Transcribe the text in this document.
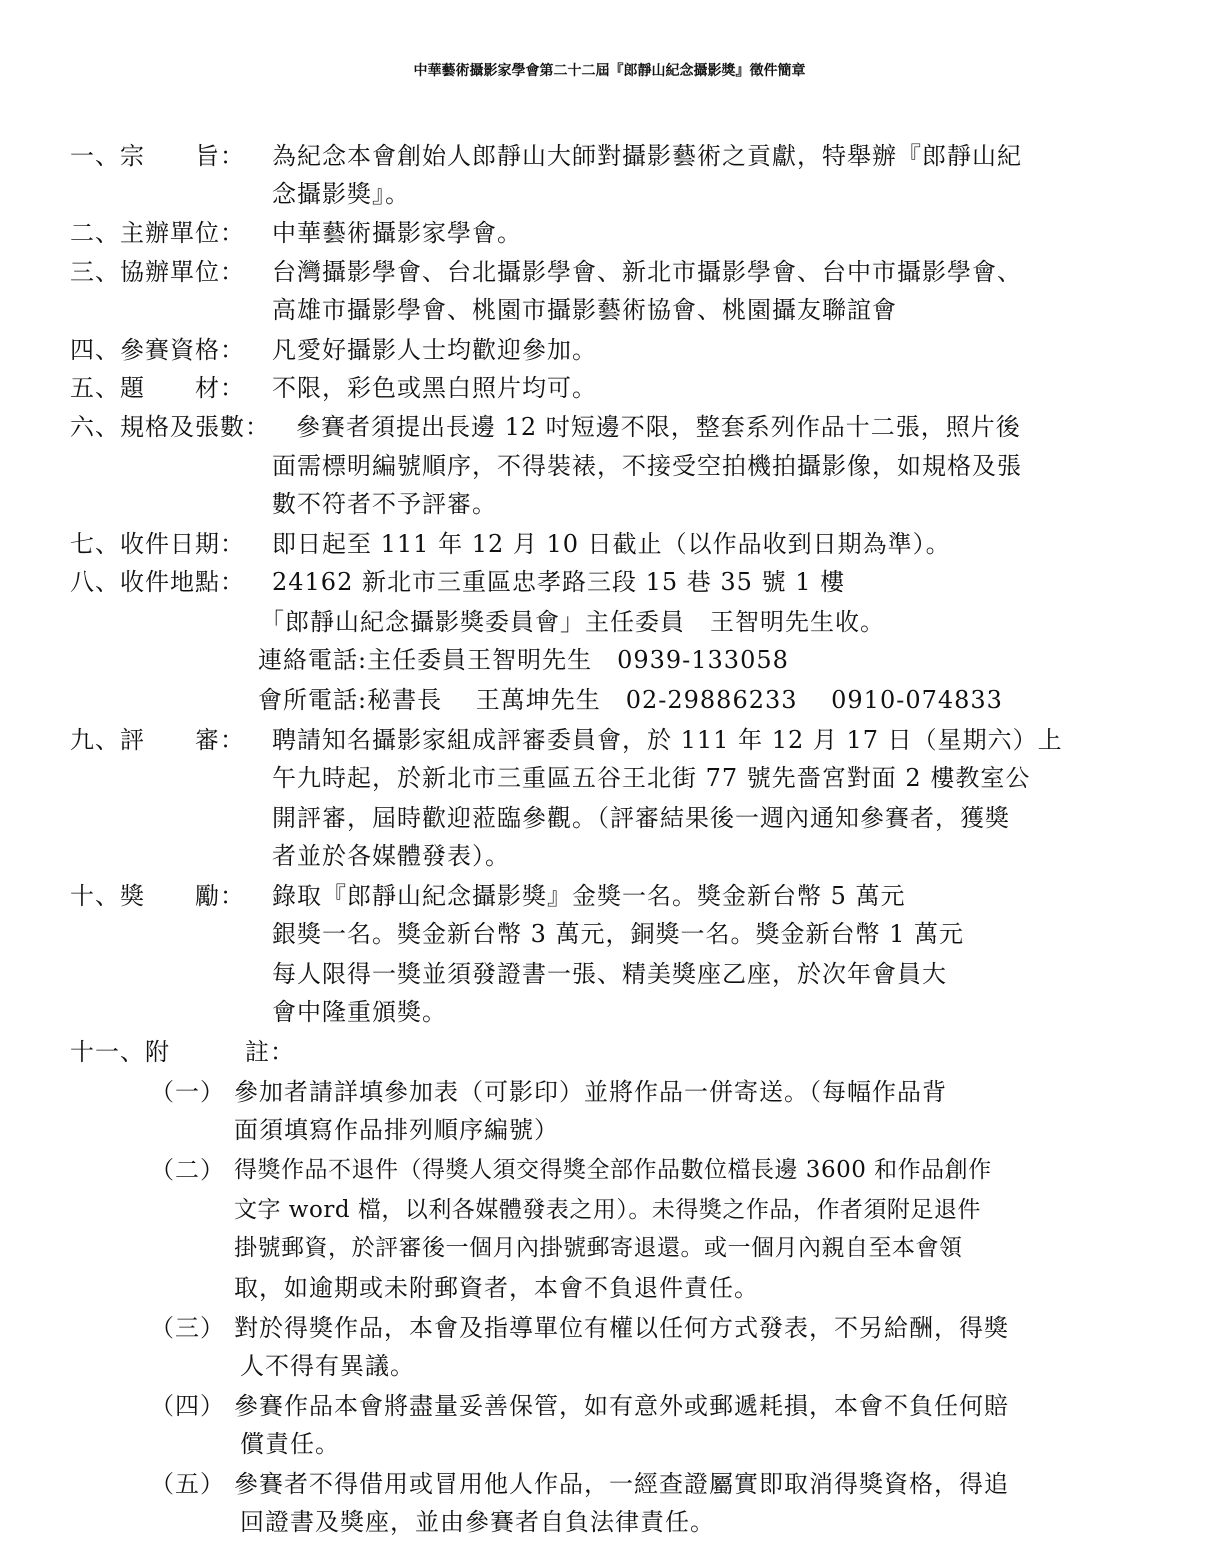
中華藝術攝影家學會第二十二屆『郎靜山紀念攝影獎』徵件簡章
一、宗　　旨： 為紀念本會創始人郎靜山大師對攝影藝術之貢獻，特舉辦『郎靜山紀
念攝影獎』。
二、主辦單位： 中華藝術攝影家學會。
三、協辦單位： 台灣攝影學會、台北攝影學會、新北市攝影學會、台中市攝影學會、
高雄市攝影學會、桃園市攝影藝術協會、桃園攝友聯誼會
四、參賽資格： 凡愛好攝影人士均歡迎參加。
五、題　　材： 不限，彩色或黑白照片均可。
六、規格及張數： 參賽者須提出長邊 12 吋短邊不限，整套系列作品十二張，照片後
面需標明編號順序，不得裝裱，不接受空拍機拍攝影像，如規格及張
數不符者不予評審。
七、收件日期： 即日起至 111 年 12 月 10 日截止（以作品收到日期為準）。
八、收件地點： 24162 新北市三重區忠孝路三段 15 巷 35 號 1 樓
「郎靜山紀念攝影獎委員會」主任委員　王智明先生收。
連絡電話:主任委員王智明先生　0939-133058
會所電話:秘書長　 王萬坤先生　02-29886233　 0910-074833
九、評　　審： 聘請知名攝影家組成評審委員會，於 111 年 12 月 17 日（星期六）上
午九時起，於新北市三重區五谷王北街 77 號先嗇宮對面 2 樓教室公
開評審，屆時歡迎蒞臨參觀。（評審結果後一週內通知參賽者，獲獎
者並於各媒體發表）。
十、獎　　勵： 錄取『郎靜山紀念攝影獎』金獎一名。獎金新台幣 5 萬元
銀獎一名。獎金新台幣 3 萬元，銅獎一名。獎金新台幣 1 萬元
每人限得一獎並須發證書一張、精美獎座乙座，於次年會員大
會中隆重頒獎。
十一、附　　　註：
（一） 參加者請詳填參加表（可影印）並將作品一併寄送。（每幅作品背
面須填寫作品排列順序編號）
（二） 得獎作品不退件（得獎人須交得獎全部作品數位檔長邊 3600 和作品創作
文字 word 檔，以利各媒體發表之用）。未得獎之作品，作者須附足退件
掛號郵資，於評審後一個月內掛號郵寄退還。或一個月內親自至本會領
取，如逾期或未附郵資者，本會不負退件責任。
（三） 對於得獎作品，本會及指導單位有權以任何方式發表，不另給酬，得獎
人不得有異議。
（四） 參賽作品本會將盡量妥善保管，如有意外或郵遞耗損，本會不負任何賠
償責任。
（五） 參賽者不得借用或冒用他人作品，一經查證屬實即取消得獎資格，得追
回證書及獎座，並由參賽者自負法律責任。
